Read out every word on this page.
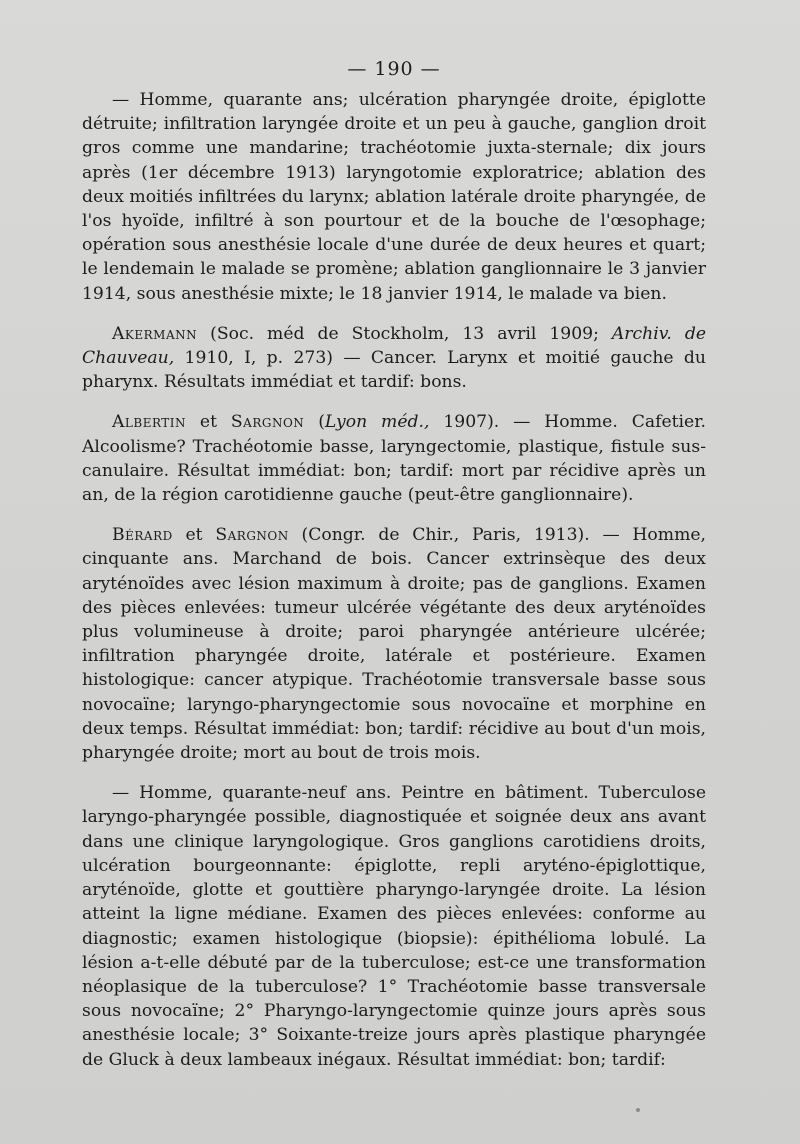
— 190 —

— Homme, quarante ans; ulcération pharyngée droite, épiglotte détruite; infiltration laryngée droite et un peu à gauche, ganglion droit gros comme une mandarine; trachéotomie juxta-sternale; dix jours après (1er décembre 1913) laryngotomie exploratrice; ablation des deux moitiés infiltrées du larynx; ablation latérale droite pharyngée, de l'os hyoïde, infiltré à son pourtour et de la bouche de l'œsophage; opération sous anesthésie locale d'une durée de deux heures et quart; le lendemain le malade se promène; ablation ganglionnaire le 3 janvier 1914, sous anesthésie mixte; le 18 janvier 1914, le malade va bien.

Akermann (Soc. méd de Stockholm, 13 avril 1909; Archiv. de Chauveau, 1910, I, p. 273) — Cancer. Larynx et moitié gauche du pharynx. Résultats immédiat et tardif: bons.

Albertin et Sargnon (Lyon méd., 1907). — Homme. Cafetier. Alcoolisme? Trachéotomie basse, laryngectomie, plastique, fistule sus-canulaire. Résultat immédiat: bon; tardif: mort par récidive après un an, de la région carotidienne gauche (peut-être ganglionnaire).

Bérard et Sargnon (Congr. de Chir., Paris, 1913). — Homme, cinquante ans. Marchand de bois. Cancer extrinsèque des deux aryténoïdes avec lésion maximum à droite; pas de ganglions. Examen des pièces enlevées: tumeur ulcérée végétante des deux aryténoïdes plus volumineuse à droite; paroi pharyngée antérieure ulcérée; infiltration pharyngée droite, latérale et postérieure. Examen histologique: cancer atypique. Trachéotomie transversale basse sous novocaïne; laryngo-pharyngectomie sous novocaïne et morphine en deux temps. Résultat immédiat: bon; tardif: récidive au bout d'un mois, pharyngée droite; mort au bout de trois mois.

— Homme, quarante-neuf ans. Peintre en bâtiment. Tuberculose laryngo-pharyngée possible, diagnostiquée et soignée deux ans avant dans une clinique laryngologique. Gros ganglions carotidiens droits, ulcération bourgeonnante: épiglotte, repli aryténo-épiglottique, aryténoïde, glotte et gouttière pharyngo-laryngée droite. La lésion atteint la ligne médiane. Examen des pièces enlevées: conforme au diagnostic; examen histologique (biopsie): épithélioma lobulé. La lésion a-t-elle débuté par de la tuberculose; est-ce une transformation néoplasique de la tuberculose? 1° Trachéotomie basse transversale sous novocaïne; 2° Pharyngo-laryngectomie quinze jours après sous anesthésie locale; 3° Soixante-treize jours après plastique pharyngée de Gluck à deux lambeaux inégaux. Résultat immédiat: bon; tardif:
